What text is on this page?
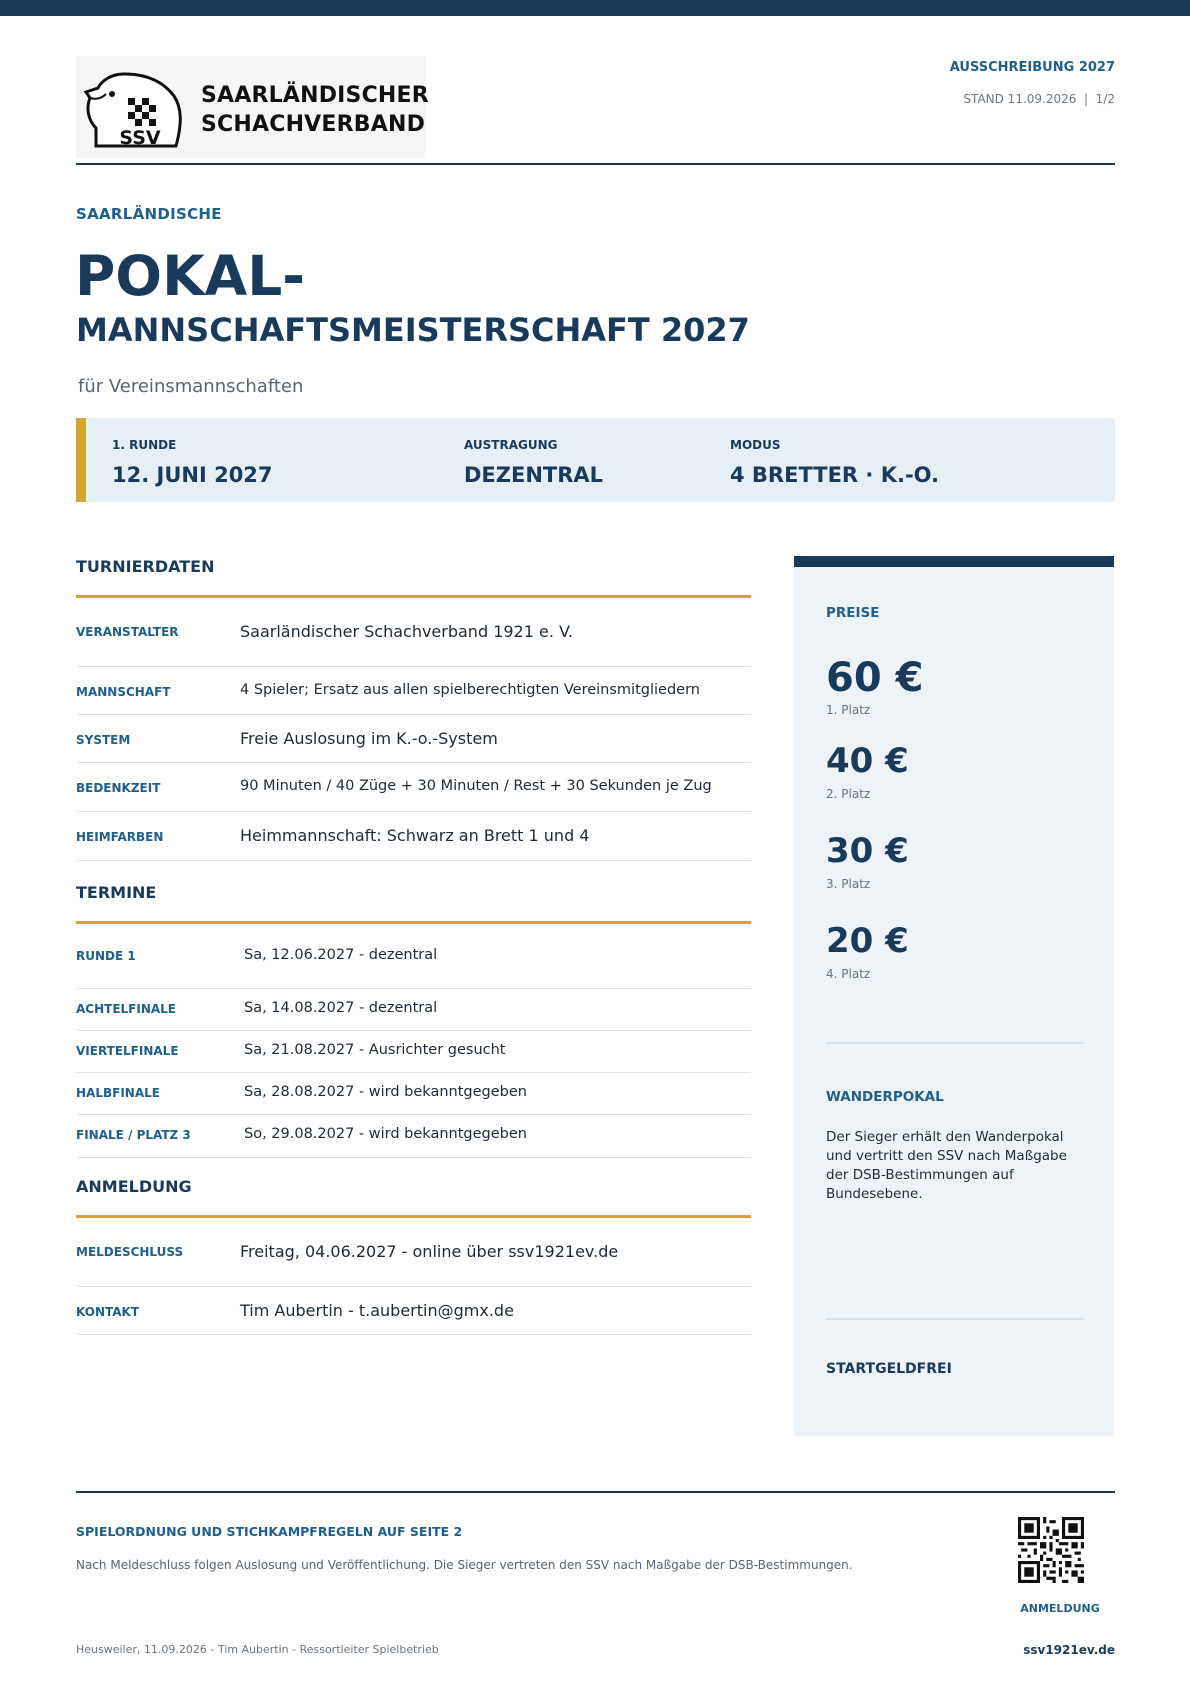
SSV
SAARLÄNDISCHER
SCHACHVERBAND
AUSSCHREIBUNG 2027
STAND 11.09.2026  |  1/2
SAARLÄNDISCHE
POKAL-
MANNSCHAFTSMEISTERSCHAFT 2027
für Vereinsmannschaften
1. RUNDE
12. JUNI 2027
AUSTRAGUNG
DEZENTRAL
MODUS
4 BRETTER · K.-O.
TURNIERDATEN
VERANSTALTER	Saarländischer Schachverband 1921 e. V.
MANNSCHAFT	4 Spieler; Ersatz aus allen spielberechtigten Vereinsmitgliedern
SYSTEM	Freie Auslosung im K.-o.-System
BEDENKZEIT	90 Minuten / 40 Züge + 30 Minuten / Rest + 30 Sekunden je Zug
HEIMFARBEN	Heimmannschaft: Schwarz an Brett 1 und 4
TERMINE
RUNDE 1	Sa, 12.06.2027 - dezentral
ACHTELFINALE	Sa, 14.08.2027 - dezentral
VIERTELFINALE	Sa, 21.08.2027 - Ausrichter gesucht
HALBFINALE	Sa, 28.08.2027 - wird bekanntgegeben
FINALE / PLATZ 3	So, 29.08.2027 - wird bekanntgegeben
ANMELDUNG
MELDESCHLUSS	Freitag, 04.06.2027 - online über ssv1921ev.de
KONTAKT	Tim Aubertin - t.aubertin@gmx.de
PREISE
60 €
1. Platz
40 €
2. Platz
30 €
3. Platz
20 €
4. Platz
WANDERPOKAL
Der Sieger erhält den Wanderpokal und vertritt den SSV nach Maßgabe der DSB-Bestimmungen auf Bundesebene.
STARTGELDFREI
SPIELORDNUNG UND STICHKAMPFREGELN AUF SEITE 2
Nach Meldeschluss folgen Auslosung und Veröffentlichung. Die Sieger vertreten den SSV nach Maßgabe der DSB-Bestimmungen.
ANMELDUNG
Heusweiler, 11.09.2026 - Tim Aubertin - Ressortleiter Spielbetrieb	ssv1921ev.de
